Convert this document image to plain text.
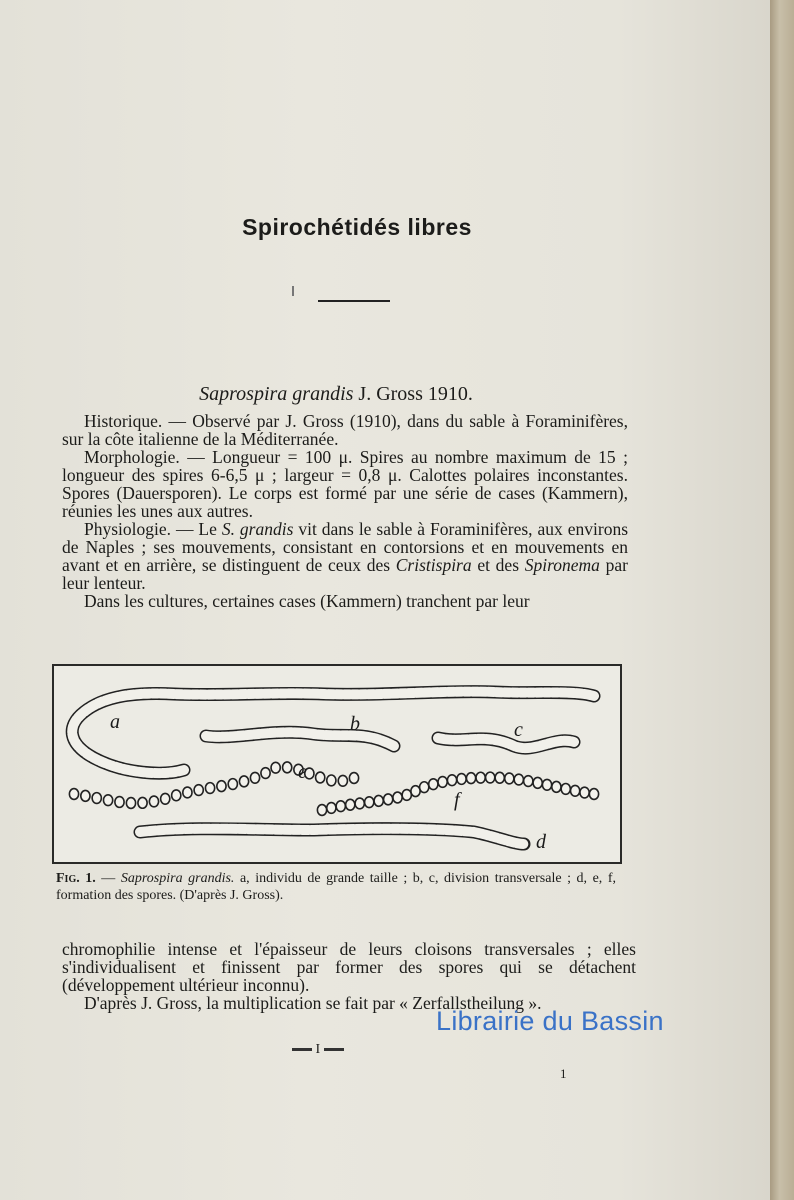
Spirochétidés libres
Saprospira grandis J. Gross 1910.

Historique. — Observé par J. Gross (1910), dans du sable à Foraminifères, sur la côte italienne de la Méditerranée.

Morphologie. — Longueur = 100 μ. Spires au nombre maximum de 15 ; longueur des spires 6-6,5 μ ; largeur = 0,8 μ. Calottes polaires inconstantes. Spores (Dauersporen). Le corps est formé par une série de cases (Kammern), réunies les unes aux autres.

Physiologie. — Le S. grandis vit dans le sable à Foraminifères, aux environs de Naples ; ses mouvements, consistant en contorsions et en mouvements en avant et en arrière, se distinguent de ceux des Cristispira et des Spironema par leur lenteur.

Dans les cultures, certaines cases (Kammern) tranchent par leur

a	b	c
e
f
d
Fig. 1. — Saprospira grandis. a, individu de grande taille ; b, c, division transversale ; d, e, f, formation des spores. (D'après J. Gross).

chromophilie intense et l'épaisseur de leurs cloisons transversales ; elles s'individualisent et finissent par former des spores qui se détachent (développement ultérieur inconnu).

D'après J. Gross, la multiplication se fait par « Zerfallstheilung ».

Librairie du Bassin
I
1
